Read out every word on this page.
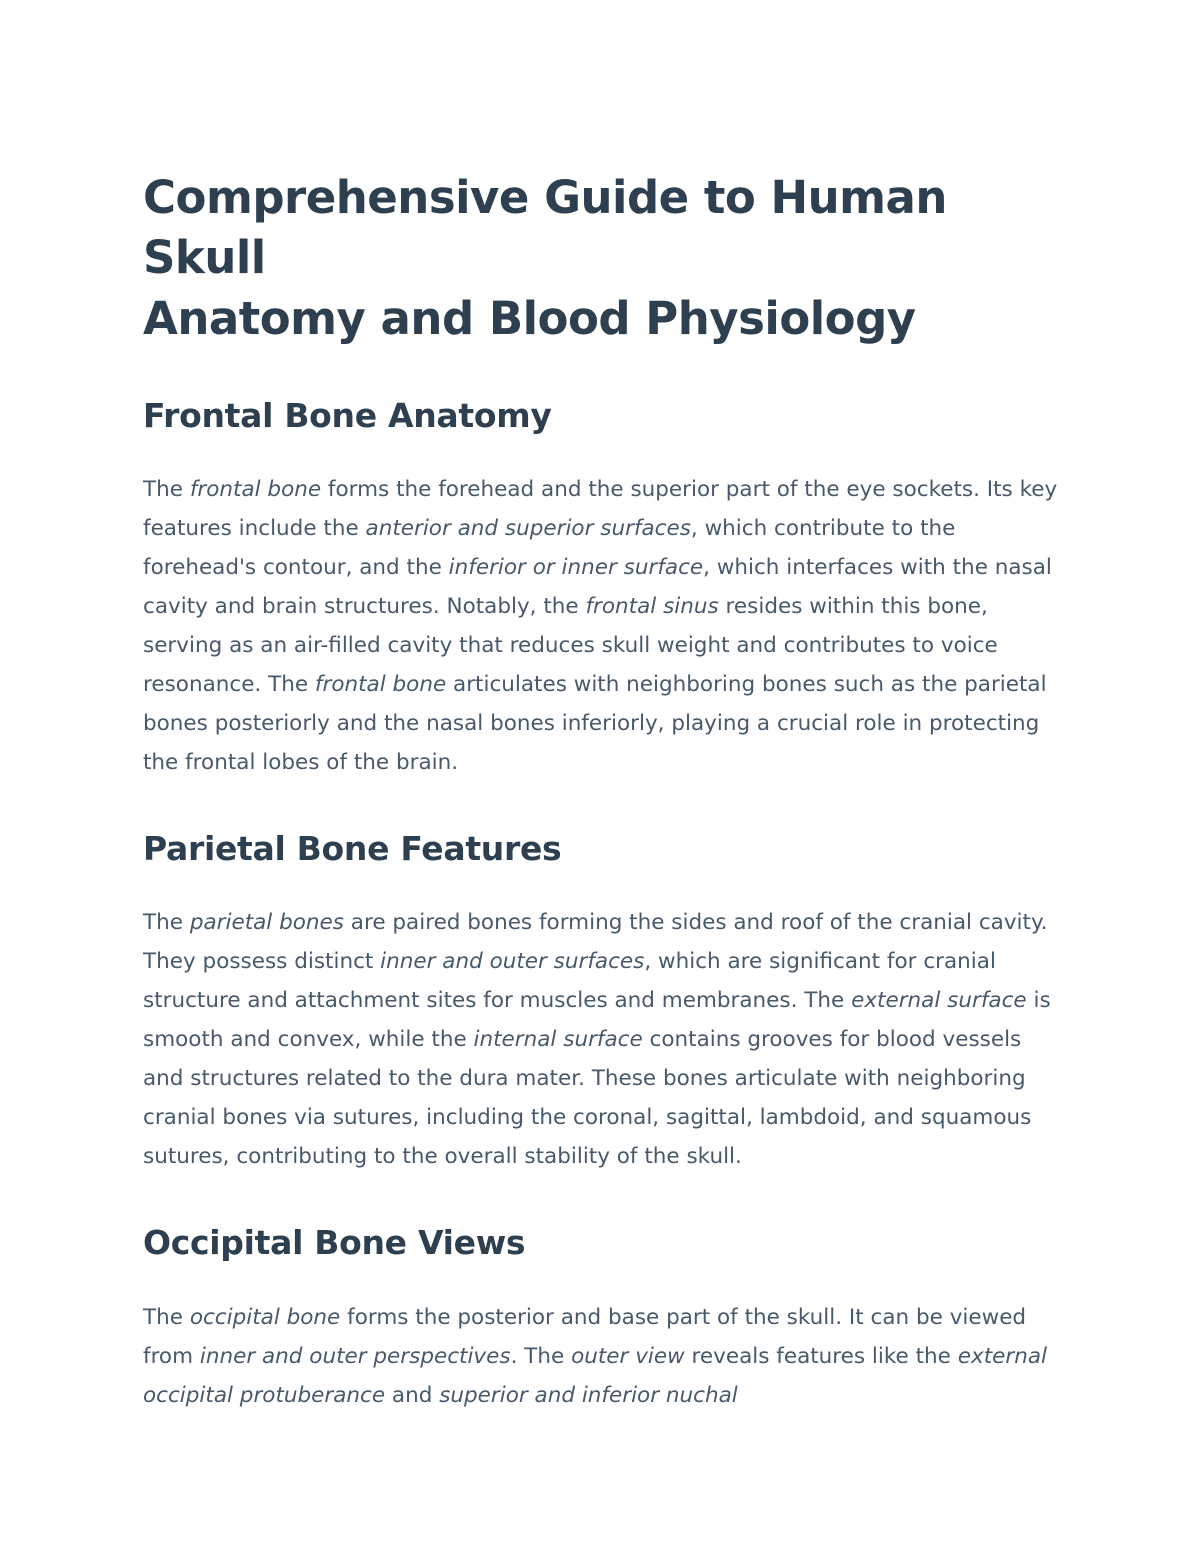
Comprehensive Guide to Human Skull
Anatomy and Blood Physiology
Frontal Bone Anatomy

The frontal bone forms the forehead and the superior part of the eye sockets. Its key features include the anterior and superior surfaces, which contribute to the forehead's contour, and the inferior or inner surface, which interfaces with the nasal cavity and brain structures. Notably, the frontal sinus resides within this bone, serving as an air-filled cavity that reduces skull weight and contributes to voice resonance. The frontal bone articulates with neighboring bones such as the parietal bones posteriorly and the nasal bones inferiorly, playing a crucial role in protecting the frontal lobes of the brain.

Parietal Bone Features

The parietal bones are paired bones forming the sides and roof of the cranial cavity. They possess distinct inner and outer surfaces, which are significant for cranial structure and attachment sites for muscles and membranes. The external surface is smooth and convex, while the internal surface contains grooves for blood vessels and structures related to the dura mater. These bones articulate with neighboring cranial bones via sutures, including the coronal, sagittal, lambdoid, and squamous sutures, contributing to the overall stability of the skull.

Occipital Bone Views

The occipital bone forms the posterior and base part of the skull. It can be viewed from inner and outer perspectives. The outer view reveals features like the external occipital protuberance and superior and inferior nuchal
